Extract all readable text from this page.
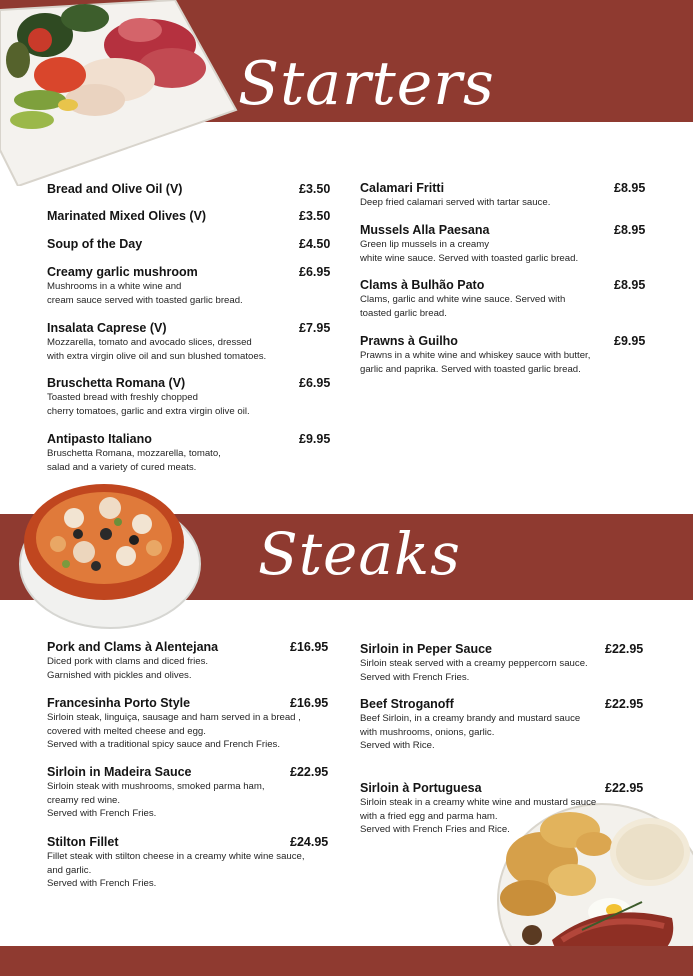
Starters
Bread and Olive Oil (V)	£3.50
Marinated Mixed Olives (V)	£3.50
Soup of the Day	£4.50
Creamy garlic mushroom	£6.95
Mushrooms in a white wine and
cream sauce served with toasted garlic bread.
Insalata Caprese (V)	£7.95
Mozzarella, tomato and avocado slices, dressed
with extra virgin olive oil and sun blushed tomatoes.
Bruschetta Romana (V)	£6.95
Toasted bread with freshly chopped
cherry tomatoes, garlic and extra virgin olive oil.
Antipasto Italiano	£9.95
Bruschetta Romana, mozzarella, tomato,
salad and a variety of cured meats.
Calamari Fritti	£8.95
Deep fried calamari served with tartar sauce.
Mussels Alla Paesana	£8.95
Green lip mussels in a creamy
white wine sauce. Served with toasted garlic bread.
Clams à Bulhão Pato	£8.95
Clams, garlic and white wine sauce. Served with
toasted garlic bread.
Prawns à Guilho	£9.95
Prawns in a white wine and whiskey sauce with butter,
garlic and paprika. Served with toasted garlic bread.
Steaks
Pork and Clams à Alentejana	£16.95
Diced pork with clams and diced fries.
Garnished with pickles and olives.
Francesinha Porto Style	£16.95
Sirloin steak, linguiça, sausage and ham served in a bread ,
covered with melted cheese and egg.
Served with a traditional spicy sauce and French Fries.
Sirloin in Madeira Sauce	£22.95
Sirloin steak with mushrooms, smoked parma ham,
creamy red wine.
Served with French Fries.
Stilton Fillet	£24.95
Fillet steak with stilton cheese in a creamy white wine sauce,
and garlic.
Served with French Fries.
Sirloin in Peper Sauce	£22.95
Sirloin steak served with a creamy peppercorn sauce.
Served with French Fries.
Beef Stroganoff	£22.95
Beef Sirloin, in a creamy brandy and mustard sauce
with mushrooms, onions, garlic.
Served with Rice.
Sirloin à Portuguesa	£22.95
Sirloin steak in a creamy white wine and mustard sauce
with a fried egg and parma ham.
Served with French Fries and Rice.
